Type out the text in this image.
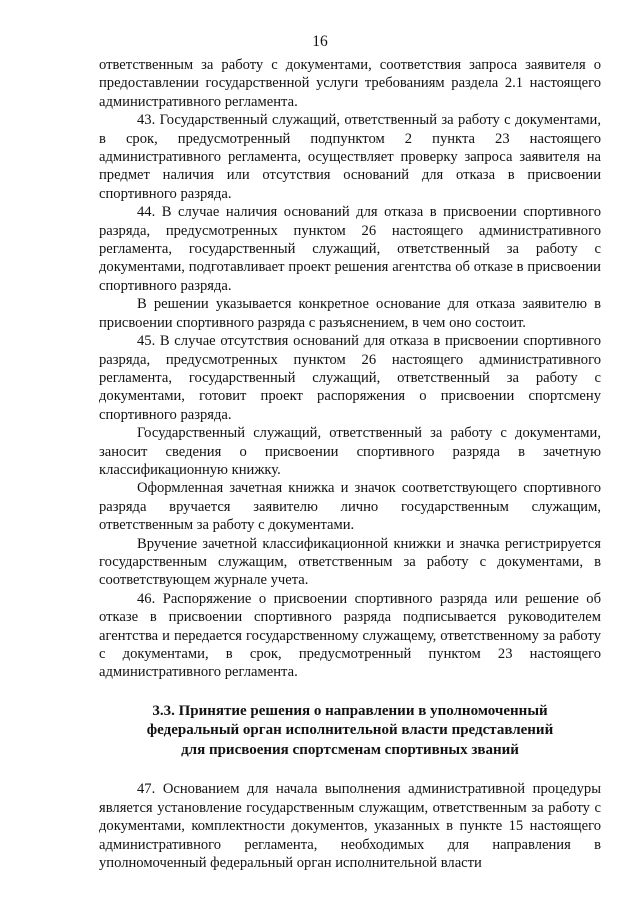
16

ответственным за работу с документами, соответствия запроса заявителя о предоставлении государственной услуги требованиям раздела 2.1 настоящего административного регламента.

43. Государственный служащий, ответственный за работу с документами, в срок, предусмотренный подпунктом 2 пункта 23 настоящего административного регламента, осуществляет проверку запроса заявителя на предмет наличия или отсутствия оснований для отказа в присвоении спортивного разряда.

44. В случае наличия оснований для отказа в присвоении спортивного разряда, предусмотренных пунктом 26 настоящего административного регламента, государственный служащий, ответственный за работу с документами, подготавливает проект решения агентства об отказе в присвоении спортивного разряда.

В решении указывается конкретное основание для отказа заявителю в присвоении спортивного разряда с разъяснением, в чем оно состоит.

45. В случае отсутствия оснований для отказа в присвоении спортивного разряда, предусмотренных пунктом 26 настоящего административного регламента, государственный служащий, ответственный за работу с документами, готовит проект распоряжения о присвоении спортсмену спортивного разряда.

Государственный служащий, ответственный за работу с документами, заносит сведения о присвоении спортивного разряда в зачетную классификационную книжку.

Оформленная зачетная книжка и значок соответствующего спортивного разряда вручается заявителю лично государственным служащим, ответственным за работу с документами.

Вручение зачетной классификационной книжки и значка регистрируется государственным служащим, ответственным за работу с документами, в соответствующем журнале учета.

46. Распоряжение о присвоении спортивного разряда или решение об отказе в присвоении спортивного разряда подписывается руководителем агентства и передается государственному служащему, ответственному за работу с документами, в срок, предусмотренный пунктом 23 настоящего административного регламента.

3.3. Принятие решения о направлении в уполномоченный
федеральный орган исполнительной власти представлений
для присвоения спортсменам спортивных званий

47. Основанием для начала выполнения административной процедуры является установление государственным служащим, ответственным за работу с документами, комплектности документов, указанных в пункте 15 настоящего административного регламента, необходимых для направления в уполномоченный федеральный орган исполнительной власти
